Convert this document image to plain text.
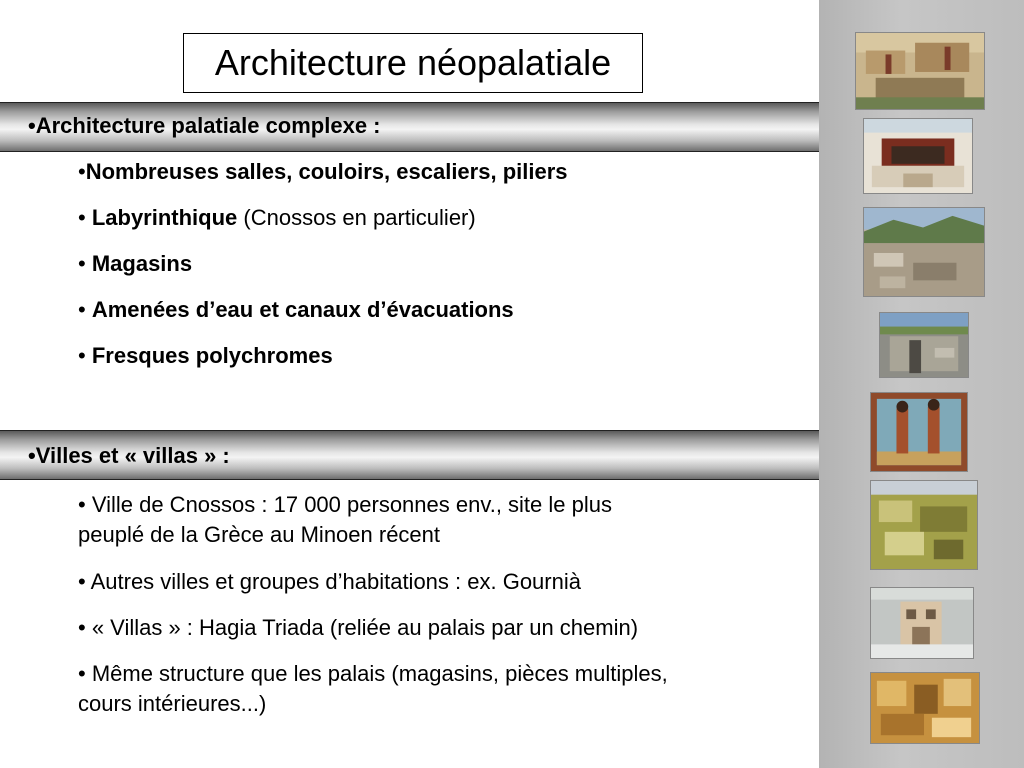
Architecture néopalatiale
•Architecture palatiale complexe :
•Nombreuses salles, couloirs, escaliers, piliers
• Labyrinthique (Cnossos en particulier)
• Magasins
• Amenées d’eau et canaux d’évacuations
• Fresques polychromes
•Villes et « villas » :
• Ville de Cnossos : 17 000 personnes env., site le plus
peuplé de la Grèce au Minoen récent
• Autres villes et groupes d’habitations : ex. Gournià
• « Villas » : Hagia Triada (reliée au palais par un chemin)
• Même structure que les palais (magasins, pièces multiples,
cours intérieures...)
